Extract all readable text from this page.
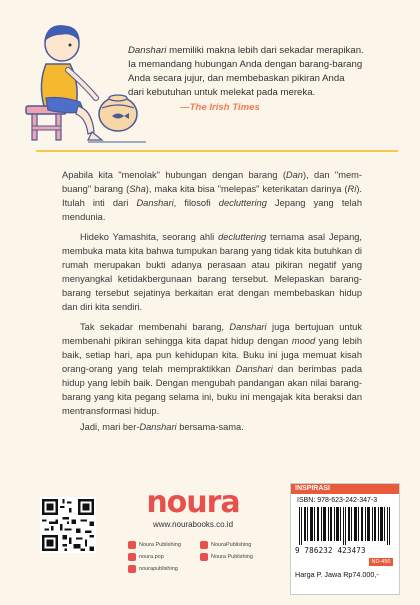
Danshari memiliki makna lebih dari sekadar merapikan.

Ia memandang hubungan Anda dengan barang-barang

Anda secara jujur, dan membebaskan pikiran Anda

dari kebutuhan untuk melekat pada mereka.

—The Irish Times

Apabila kita "menolak" hubungan dengan barang (Dan), dan "mem-buang" barang (Sha), maka kita bisa "melepas" keterikatan darinya (Ri). Itulah inti dari Danshari, filosofi decluttering Jepang yang telah mendunia.

Hideko Yamashita, seorang ahli decluttering ternama asal Jepang, membuka mata kita bahwa tumpukan barang yang tidak kita butuhkan di rumah merupakan bukti adanya perasaan atau pikiran negatif yang menyangkal ketidakbergunaan barang tersebut. Melepaskan barang-barang tersebut sejatinya berkaitan erat dengan membebaskan hidup dan diri kita sendiri.

Tak sekadar membenahi barang, Danshari juga bertujuan untuk membenahi pikiran sehingga kita dapat hidup dengan mood yang lebih baik, setiap hari, apa pun kehidupan kita. Buku ini juga memuat kisah orang-orang yang telah mempraktikkan Danshari dan berimbas pada hidup yang lebih baik. Dengan mengubah pandangan akan nilai barang-barang yang kita pegang selama ini, buku ini mengajak kita beraksi dan mentransformasi hidup.

Jadi, mari ber-Danshari bersama-sama.

noura
www.nourabooks.co.id
Noura Publishing	NouraPublishing
noura.pop	Noura Publishing
nourapublishing
INSPIRASI
ISBN: 978-623-242-347-3
9 786232 423473
ND-450
Harga P. Jawa Rp74.000,-
